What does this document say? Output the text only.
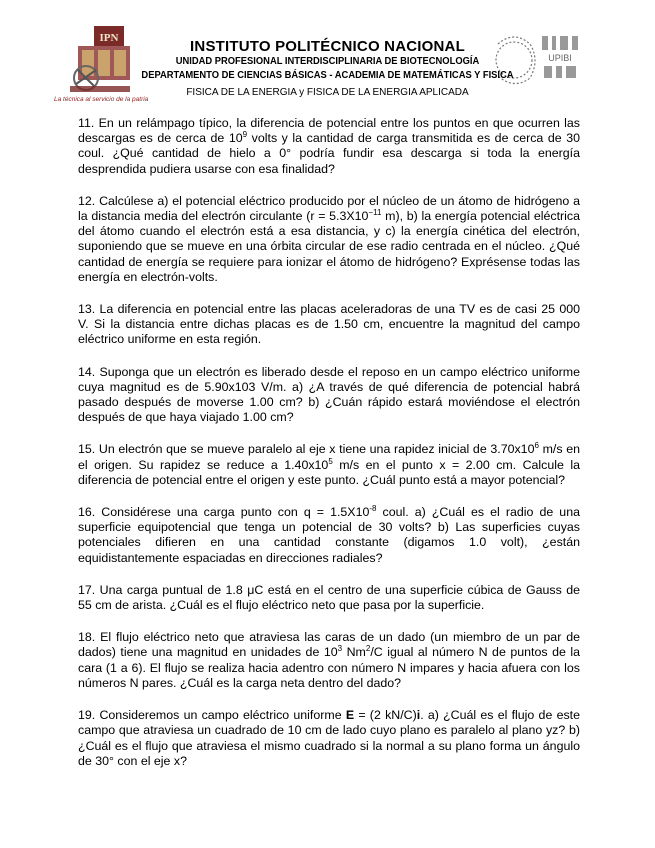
IPN
La técnica al servicio de la patria
UPIBI
INSTITUTO POLITÉCNICO NACIONAL
UNIDAD PROFESIONAL INTERDISCIPLINARIA DE BIOTECNOLOGÍA
DEPARTAMENTO DE CIENCIAS BÁSICAS - ACADEMIA DE MATEMÁTICAS Y FISICA
FISICA DE LA ENERGIA y FISICA DE LA ENERGIA APLICADA

11. En un relámpago típico, la diferencia de potencial entre los puntos en que ocurren las descargas es de cerca de $10^9$ volts y la cantidad de carga transmitida es de cerca de 30 coul. ¿Qué cantidad de hielo a 0° podría fundir esa descarga si toda la energía desprendida pudiera usarse con esa finalidad?

12. Calcúlese a) el potencial eléctrico producido por el núcleo de un átomo de hidrógeno a la distancia media del electrón circulante ($r = 5.3X10^{-11}$ m), b) la energía potencial eléctrica del átomo cuando el electrón está a esa distancia, y c) la energía cinética del electrón, suponiendo que se mueve en una órbita circular de ese radio centrada en el núcleo. ¿Qué cantidad de energía se requiere para ionizar el átomo de hidrógeno? Exprésense todas las energía en electrón-volts.

13. La diferencia en potencial entre las placas aceleradoras de una TV es de casi 25 000 V. Si la distancia entre dichas placas es de 1.50 cm, encuentre la magnitud del campo eléctrico uniforme en esta región.

14. Suponga que un electrón es liberado desde el reposo en un campo eléctrico uniforme cuya magnitud es de 5.90x103 V/m. a) ¿A través de qué diferencia de potencial habrá pasado después de moverse 1.00 cm? b) ¿Cuán rápido estará moviéndose el electrón después de que haya viajado 1.00 cm?

15. Un electrón que se mueve paralelo al eje x tiene una rapidez inicial de $3.70x10^6$ m/s en el origen. Su rapidez se reduce a $1.40x10^5$ m/s en el punto x = 2.00 cm. Calcule la diferencia de potencial entre el origen y este punto. ¿Cuál punto está a mayor potencial?

16. Considérese una carga punto con $q = 1.5X10^{-8}$ coul. a) ¿Cuál es el radio de una superficie equipotencial que tenga un potencial de 30 volts? b) Las superficies cuyas potenciales difieren en una cantidad constante (digamos 1.0 volt), ¿están equidistantemente espaciadas en direcciones radiales?

17. Una carga puntual de 1.8 μC está en el centro de una superficie cúbica de Gauss de 55 cm de arista. ¿Cuál es el flujo eléctrico neto que pasa por la superficie.

18. El flujo eléctrico neto que atraviesa las caras de un dado (un miembro de un par de dados) tiene una magnitud en unidades de $10^3$ Nm$^2$/C igual al número N de puntos de la cara (1 a 6). El flujo se realiza hacia adentro con número N impares y hacia afuera con los números N pares. ¿Cuál es la carga neta dentro del dado?

19. Consideremos un campo eléctrico uniforme E = (2 kN/C)i. a) ¿Cuál es el flujo de este campo que atraviesa un cuadrado de 10 cm de lado cuyo plano es paralelo al plano yz? b) ¿Cuál es el flujo que atraviesa el mismo cuadrado si la normal a su plano forma un ángulo de 30° con el eje x?
